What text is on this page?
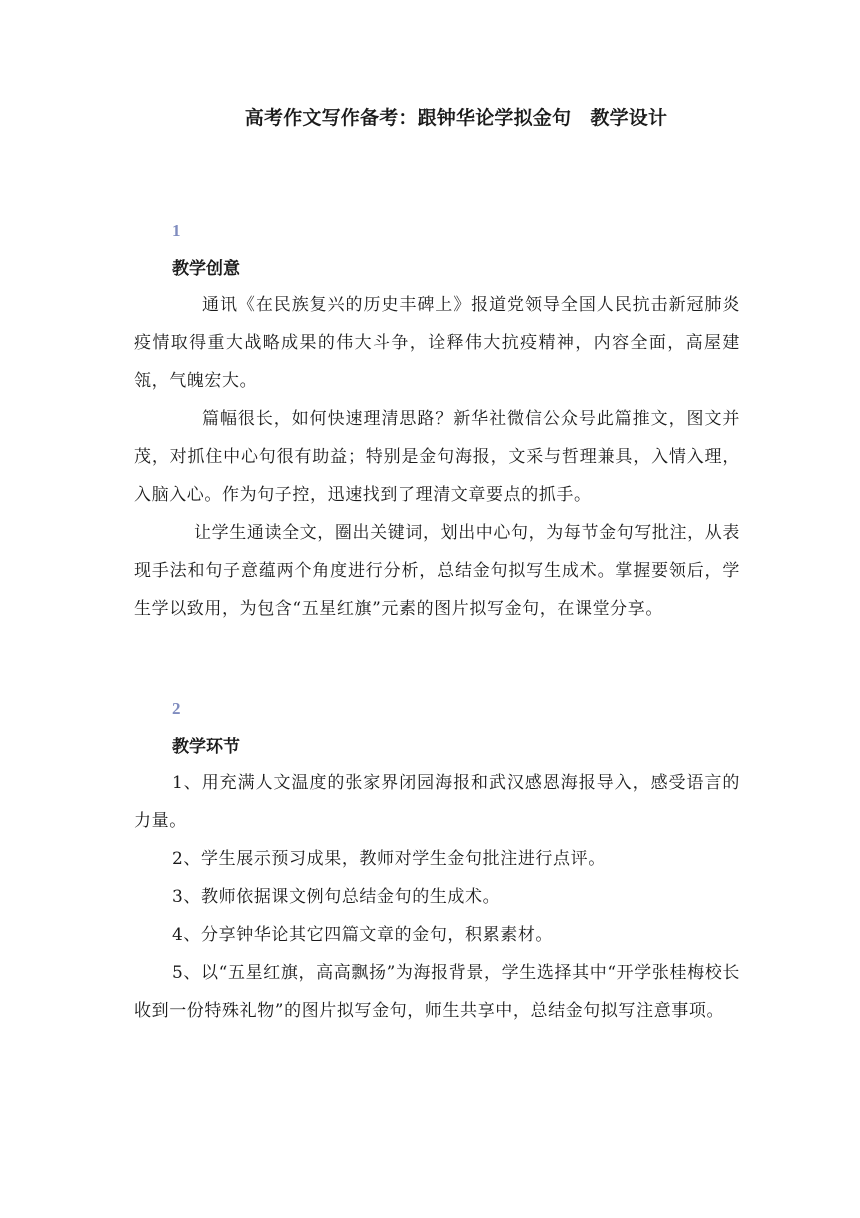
高考作文写作备考：跟钟华论学拟金句　教学设计
1
教学创意

通讯《在民族复兴的历史丰碑上》报道党领导全国人民抗击新冠肺炎疫情取得重大战略成果的伟大斗争，诠释伟大抗疫精神，内容全面，高屋建瓴，气魄宏大。

篇幅很长，如何快速理清思路？新华社微信公众号此篇推文，图文并茂，对抓住中心句很有助益；特别是金句海报，文采与哲理兼具，入情入理，入脑入心。作为句子控，迅速找到了理清文章要点的抓手。

让学生通读全文，圈出关键词，划出中心句，为每节金句写批注，从表现手法和句子意蕴两个角度进行分析，总结金句拟写生成术。掌握要领后，学生学以致用，为包含“五星红旗”元素的图片拟写金句，在课堂分享。

2
教学环节

1、用充满人文温度的张家界闭园海报和武汉感恩海报导入，感受语言的力量。

2、学生展示预习成果，教师对学生金句批注进行点评。

3、教师依据课文例句总结金句的生成术。

4、分享钟华论其它四篇文章的金句，积累素材。

5、以“五星红旗，高高飘扬”为海报背景，学生选择其中“开学张桂梅校长收到一份特殊礼物”的图片拟写金句，师生共享中，总结金句拟写注意事项。
